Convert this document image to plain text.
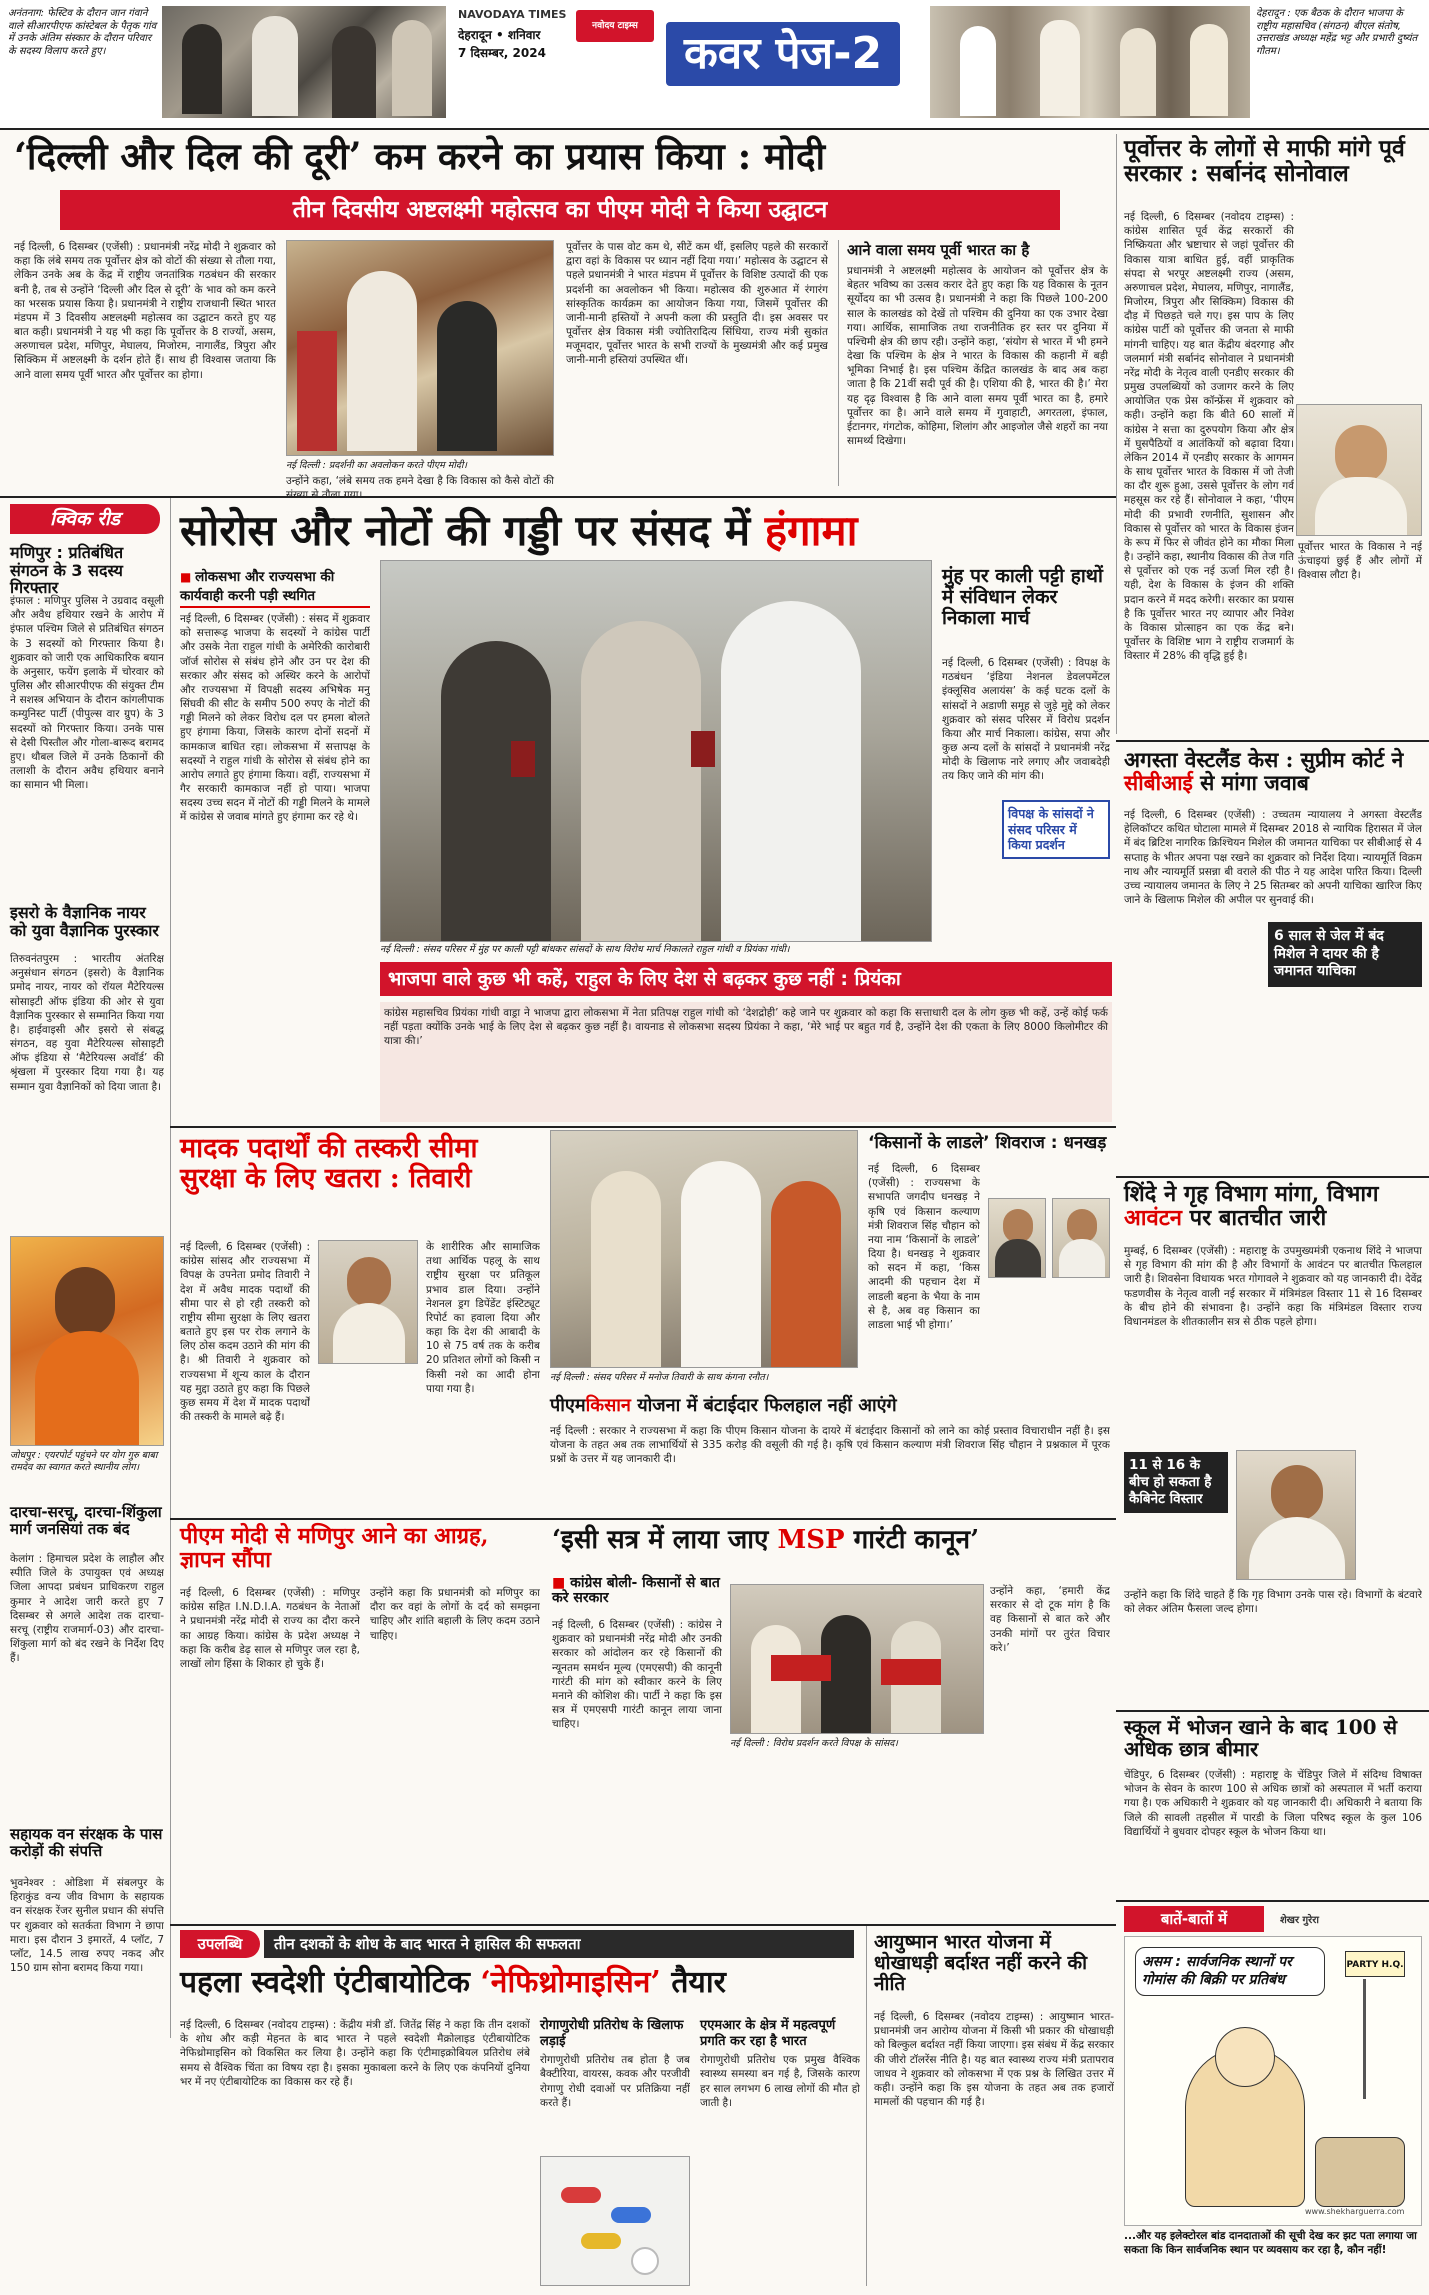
अनंतनाग: फेस्टिव के दौरान जान गंवाने वाले सीआरपीएफ कांस्टेबल के पैतृक गांव में उनके अंतिम संस्कार के दौरान परिवार के सदस्य विलाप करते हुए।
NAVODAYA TIMES
देहरादून • शनिवार
7 दिसम्बर, 2024
नवोदय टाइम्स
कवर पेज-2
देहरादून : एक बैठक के दौरान भाजपा के राष्ट्रीय महासचिव (संगठन) बीएल संतोष, उत्तराखंड अध्यक्ष महेंद्र भट्ट और प्रभारी दुष्यंत गौतम।
‘दिल्ली और दिल की दूरी’ कम करने का प्रयास किया : मोदी
तीन दिवसीय अष्टलक्ष्मी महोत्सव का पीएम मोदी ने किया उद्घाटन
नई दिल्ली, 6 दिसम्बर (एजेंसी) : प्रधानमंत्री नरेंद्र मोदी ने शुक्रवार को कहा कि लंबे समय तक पूर्वोत्तर क्षेत्र को वोटों की संख्या से तौला गया, लेकिन उनके अब के केंद्र में राष्ट्रीय जनतांत्रिक गठबंधन की सरकार बनी है, तब से उन्होंने ‘दिल्ली और दिल से दूरी’ के भाव को कम करने का भरसक प्रयास किया है। प्रधानमंत्री ने राष्ट्रीय राजधानी स्थित भारत मंडपम में 3 दिवसीय अष्टलक्ष्मी महोत्सव का उद्घाटन करते हुए यह बात कही। प्रधानमंत्री ने यह भी कहा कि पूर्वोत्तर के 8 राज्यों, असम, अरुणाचल प्रदेश, मणिपुर, मेघालय, मिजोरम, नागालैंड, त्रिपुरा और सिक्किम में अष्टलक्ष्मी के दर्शन होते हैं। साथ ही विश्वास जताया कि आने वाला समय पूर्वी भारत और पूर्वोत्तर का होगा।
नई दिल्ली : प्रदर्शनी का अवलोकन करते पीएम मोदी।
उन्होंने कहा, ‘लंबे समय तक हमने देखा है कि विकास को कैसे वोटों की
पूर्वोत्तर के पास वोट कम थे, सीटें कम थीं, इसलिए पहले की सरकारों द्वारा वहां के विकास पर ध्यान नहीं दिया गया।’ महोत्सव के उद्घाटन से पहले प्रधानमंत्री ने भारत मंडपम में पूर्वोत्तर के विशिष्ट उत्पादों की एक प्रदर्शनी का अवलोकन भी किया। महोत्सव की शुरुआत में रंगारंग सांस्कृतिक कार्यक्रम का आयोजन किया गया, जिसमें पूर्वोत्तर की जानी-मानी हस्तियों ने अपनी कला की प्रस्तुति दी। इस अवसर पर पूर्वोत्तर क्षेत्र विकास मंत्री ज्योतिरादित्य सिंधिया, राज्य मंत्री सुकांत मजूमदार, पूर्वोत्तर भारत के सभी राज्यों के मुख्यमंत्री और कई प्रमुख जानी-मानी हस्तियां उपस्थित थीं।
आने वाला समय पूर्वी भारत का है
प्रधानमंत्री ने अष्टलक्ष्मी महोत्सव के आयोजन को पूर्वोत्तर क्षेत्र के बेहतर भविष्य का उत्सव करार देते हुए कहा कि यह विकास के नूतन सूर्योदय का भी उत्सव है। प्रधानमंत्री ने कहा कि पिछले 100-200 साल के कालखंड को देखें तो पश्चिम की दुनिया का एक उभार देखा गया। आर्थिक, सामाजिक तथा राजनीतिक हर स्तर पर दुनिया में पश्चिमी क्षेत्र की छाप रही। उन्होंने कहा, ‘संयोग से भारत में भी हमने देखा कि पश्चिम के क्षेत्र ने भारत के विकास की कहानी में बड़ी भूमिका निभाई है। इस पश्चिम केंद्रित कालखंड के बाद अब कहा जाता है कि 21वीं सदी पूर्व की है। एशिया की है, भारत की है।’ मेरा यह दृढ़ विश्वास है कि आने वाला समय पूर्वी भारत का है, हमारे पूर्वोत्तर का है। आने वाले समय में गुवाहाटी, अगरतला, इंफाल, ईटानगर, गंगटोक, कोहिमा, शिलांग और आइजोल जैसे शहरों का नया सामर्थ्य दिखेगा।
पूर्वोत्तर के लोगों से माफी मांगे पूर्व सरकार : सर्बानंद सोनोवाल
नई दिल्ली, 6 दिसम्बर (नवोदय टाइम्स) : कांग्रेस शासित पूर्व केंद्र सरकारों की निष्क्रियता और भ्रष्टाचार से जहां पूर्वोत्तर की विकास यात्रा बाधित हुई, वहीं प्राकृतिक संपदा से भरपूर अष्टलक्ष्मी राज्य (असम, अरुणाचल प्रदेश, मेघालय, मणिपुर, नागालैंड, मिजोरम, त्रिपुरा और सिक्किम) विकास की दौड़ में पिछड़ते चले गए। इस पाप के लिए कांग्रेस पार्टी को पूर्वोत्तर की जनता से माफी मांगनी चाहिए। यह बात केंद्रीय बंदरगाह और जलमार्ग मंत्री सर्बानंद सोनोवाल ने प्रधानमंत्री नरेंद्र मोदी के नेतृत्व वाली एनडीए सरकार की प्रमुख उपलब्धियों को उजागर करने के लिए आयोजित एक प्रेस कॉन्फ्रेंस में शुक्रवार को कही। उन्होंने कहा कि बीते 60 सालों में कांग्रेस ने सत्ता का दुरुपयोग किया और क्षेत्र में घुसपैठियों व आतंकियों को बढ़ावा दिया। लेकिन 2014 में एनडीए सरकार के आगमन के साथ पूर्वोत्तर भारत के विकास में जो तेजी का दौर शुरू हुआ, उससे पूर्वोत्तर के लोग गर्व महसूस कर रहे हैं। सोनोवाल ने कहा, ‘पीएम मोदी की प्रभावी रणनीति, सुशासन और विकास से पूर्वोत्तर को भारत के विकास इंजन के रूप में फिर से जीवंत होने का मौका मिला है। उन्होंने कहा, स्थानीय विकास की तेज गति से पूर्वोत्तर को एक नई ऊर्जा मिल रही है। यही, देश के विकास के इंजन की शक्ति प्रदान करने में मदद करेगी। सरकार का प्रयास है कि पूर्वोत्तर भारत नए व्यापार और निवेश के विकास प्रोत्साहन का एक केंद्र बने। पूर्वोत्तर के विशिष्ट भाग ने राष्ट्रीय राजमार्ग के विस्तार में 28% की वृद्धि हुई है।
पूर्वोत्तर भारत के विकास ने नई ऊंचाइयां छुई हैं और लोगों में विश्वास लौटा है।
क्विक रीड
मणिपुर : प्रतिबंधित संगठन के 3 सदस्य गिरफ्तार
इंफाल : मणिपुर पुलिस ने उग्रवाद वसूली और अवैध हथियार रखने के आरोप में इंफाल पश्चिम जिले से प्रतिबंधित संगठन के 3 सदस्यों को गिरफ्तार किया है। शुक्रवार को जारी एक आधिकारिक बयान के अनुसार, फयेंग इलाके में चोरवार को पुलिस और सीआरपीएफ की संयुक्त टीम ने सशस्त्र अभियान के दौरान कांगलीपाक कम्युनिस्ट पार्टी (पीपुल्स वार ग्रुप) के 3 सदस्यों को गिरफ्तार किया। उनके पास से देसी पिस्तौल और गोला-बारूद बरामद हुए। थौबल जिले में उनके ठिकानों की तलाशी के दौरान अवैध हथियार बनाने का सामान भी मिला।
इसरो के वैज्ञानिक नायर को युवा वैज्ञानिक पुरस्कार
तिरुवनंतपुरम : भारतीय अंतरिक्ष अनुसंधान संगठन (इसरो) के वैज्ञानिक प्रमोद नायर, नायर को रॉयल मैटेरियल्स सोसाइटी ऑफ इंडिया की ओर से युवा वैज्ञानिक पुरस्कार से सम्मानित किया गया है। हाईवाइसी और इसरो से संबद्ध संगठन, वह युवा मैटेरियल्स सोसाइटी ऑफ इंडिया से ‘मैटेरियल्स अवॉर्ड’ की श्रृंखला में पुरस्कार दिया गया है। यह सम्मान युवा वैज्ञानिकों को दिया जाता है।
जोधपुर : एयरपोर्ट पहुंचने पर योग गुरु बाबा रामदेव का स्वागत करते स्थानीय लोग।
दारचा-सरचू, दारचा-शिंकुला मार्ग जनसियां तक बंद
केलांग : हिमाचल प्रदेश के लाहौल और स्पीति जिले के उपायुक्त एवं अध्यक्ष जिला आपदा प्रबंधन प्राधिकरण राहुल कुमार ने आदेश जारी करते हुए 7 दिसम्बर से अगले आदेश तक दारचा-सरचू (राष्ट्रीय राजमार्ग-03) और दारचा-शिंकुला मार्ग को बंद रखने के निर्देश दिए हैं।
सहायक वन संरक्षक के पास करोड़ों की संपत्ति
भुवनेश्वर : ओडिशा में संबलपुर के हिराकुंड वन्य जीव विभाग के सहायक वन संरक्षक रेंजर सुनील प्रधान की संपत्ति पर शुक्रवार को सतर्कता विभाग ने छापा मारा। इस दौरान 3 इमारतें, 4 प्लॉट, 7 प्लॉट, 14.5 लाख रुपए नकद और 150 ग्राम सोना बरामद किया गया।
सोरोस और नोटों की गड्डी पर संसद में हंगामा
■ लोकसभा और राज्यसभा की कार्यवाही करनी पड़ी स्थगित
नई दिल्ली, 6 दिसम्बर (एजेंसी) : संसद में शुक्रवार को सत्तारूढ़ भाजपा के सदस्यों ने कांग्रेस पार्टी और उसके नेता राहुल गांधी के अमेरिकी कारोबारी जॉर्ज सोरोस से संबंध होने और उन पर देश की सरकार और संसद को अस्थिर करने के आरोपों और राज्यसभा में विपक्षी सदस्य अभिषेक मनु सिंघवी की सीट के समीप 500 रुपए के नोटों की गड्डी मिलने को लेकर विरोध दल पर हमला बोलते हुए हंगामा किया, जिसके कारण दोनों सदनों में कामकाज बाधित रहा। लोकसभा में सत्तापक्ष के सदस्यों ने राहुल गांधी के सोरोस से संबंध होने का आरोप लगाते हुए हंगामा किया। वहीं, राज्यसभा में गैर सरकारी कामकाज नहीं हो पाया। भाजपा सदस्य उच्च सदन में नोटों की गड्डी मिलने के मामले में कांग्रेस से जवाब मांगते हुए हंगामा कर रहे थे।
नई दिल्ली : संसद परिसर में मुंह पर काली पट्टी बांधकर सांसदों के साथ विरोध मार्च निकालते राहुल गांधी व प्रियंका गांधी।
मुंह पर काली पट्टी हाथों में संविधान लेकर निकाला मार्च
नई दिल्ली, 6 दिसम्बर (एजेंसी) : विपक्ष के गठबंधन ‘इंडिया नेशनल डेवलपमेंटल इंक्लूसिव अलायंस’ के कई घटक दलों के सांसदों ने अडाणी समूह से जुड़े मुद्दे को लेकर शुक्रवार को संसद परिसर में विरोध प्रदर्शन किया और मार्च निकाला। कांग्रेस, सपा और कुछ अन्य दलों के सांसदों ने प्रधानमंत्री नरेंद्र मोदी के खिलाफ नारे लगाए और जवाबदेही तय किए जाने की मांग की।
विपक्ष के सांसदों ने संसद परिसर में किया प्रदर्शन
भाजपा वाले कुछ भी कहें, राहुल के लिए देश से बढ़कर कुछ नहीं : प्रियंका
कांग्रेस महासचिव प्रियंका गांधी वाड्रा ने भाजपा द्वारा लोकसभा में नेता प्रतिपक्ष राहुल गांधी को ‘देशद्रोही’ कहे जाने पर शुक्रवार को कहा कि सत्ताधारी दल के लोग कुछ भी कहें, उन्हें कोई फर्क नहीं पड़ता क्योंकि उनके भाई के लिए देश से बढ़कर कुछ नहीं है। वायनाड से लोकसभा सदस्य प्रियंका ने कहा, ‘मेरे भाई पर बहुत गर्व है, उन्होंने देश की एकता के लिए 8000 किलोमीटर की यात्रा की।’
अगस्ता वेस्टलैंड केस : सुप्रीम कोर्ट ने सीबीआई से मांगा जवाब
नई दिल्ली, 6 दिसम्बर (एजेंसी) : उच्चतम न्यायालय ने अगस्ता वेस्टलैंड हेलिकॉप्टर कथित घोटाला मामले में दिसम्बर 2018 से न्यायिक हिरासत में जेल में बंद ब्रिटिश नागरिक क्रिश्चियन मिशेल की जमानत याचिका पर सीबीआई से 4 सप्ताह के भीतर अपना पक्ष रखने का शुक्रवार को निर्देश दिया। न्यायमूर्ति विक्रम नाथ और न्यायमूर्ति प्रसन्ना बी वराले की पीठ ने यह आदेश पारित किया। दिल्ली उच्च न्यायालय जमानत के लिए ने 25 सितम्बर को अपनी याचिका खारिज किए जाने के खिलाफ मिशेल की अपील पर सुनवाई की।
6 साल से जेल में बंद मिशेल ने दायर की है जमानत याचिका
मादक पदार्थों की तस्करी सीमा सुरक्षा के लिए खतरा : तिवारी
नई दिल्ली, 6 दिसम्बर (एजेंसी) : कांग्रेस सांसद और राज्यसभा में विपक्ष के उपनेता प्रमोद तिवारी ने देश में अवैध मादक पदार्थों की सीमा पार से हो रही तस्करी को राष्ट्रीय सीमा सुरक्षा के लिए खतरा बताते हुए इस पर रोक लगाने के लिए ठोस कदम उठाने की मांग की है। श्री तिवारी ने शुक्रवार को राज्यसभा में शून्य काल के दौरान यह मुद्दा उठाते हुए कहा कि पिछले कुछ समय में देश में मादक पदार्थों की तस्करी के मामले बढ़े हैं।
के शारीरिक और सामाजिक तथा आर्थिक पहलू के साथ राष्ट्रीय सुरक्षा पर प्रतिकूल प्रभाव डाल दिया। उन्होंने नेशनल ड्रग डिपेंडेंट इंस्टिट्यूट रिपोर्ट का हवाला दिया और कहा कि देश की आबादी के 10 से 75 वर्ष तक के करीब 20 प्रतिशत लोगों को किसी न किसी नशे का आदी होना पाया गया है।
नई दिल्ली : संसद परिसर में मनोज तिवारी के साथ कंगना रनौत।
‘किसानों के लाडले’ शिवराज : धनखड़
नई दिल्ली, 6 दिसम्बर (एजेंसी) : राज्यसभा के सभापति जगदीप धनखड़ ने कृषि एवं किसान कल्याण मंत्री शिवराज सिंह चौहान को नया नाम ‘किसानों के लाडले’ दिया है। धनखड़ ने शुक्रवार को सदन में कहा, ‘किस आदमी की पहचान देश में लाडली बहना के भैया के नाम से है, अब वह किसान का लाडला भाई भी होगा।’
पीएमकिसान योजना में बंटाईदार फिलहाल नहीं आएंगे
नई दिल्ली : सरकार ने राज्यसभा में कहा कि पीएम किसान योजना के दायरे में बंटाईदार किसानों को लाने का कोई प्रस्ताव विचाराधीन नहीं है। इस योजना के तहत अब तक लाभार्थियों से 335 करोड़ की वसूली की गई है। कृषि एवं किसान कल्याण मंत्री शिवराज सिंह चौहान ने प्रश्नकाल में पूरक प्रश्नों के उत्तर में यह जानकारी दी।
शिंदे ने गृह विभाग मांगा, विभाग आवंटन पर बातचीत जारी
मुम्बई, 6 दिसम्बर (एजेंसी) : महाराष्ट्र के उपमुख्यमंत्री एकनाथ शिंदे ने भाजपा से गृह विभाग की मांग की है और विभागों के आवंटन पर बातचीत फिलहाल जारी है। शिवसेना विधायक भरत गोगावले ने शुक्रवार को यह जानकारी दी। देवेंद्र फडणवीस के नेतृत्व वाली नई सरकार में मंत्रिमंडल विस्तार 11 से 16 दिसम्बर के बीच होने की संभावना है। उन्होंने कहा कि मंत्रिमंडल विस्तार राज्य विधानमंडल के शीतकालीन सत्र से ठीक पहले होगा।
11 से 16 के बीच हो सकता है कैबिनेट विस्तार
उन्होंने कहा कि शिंदे चाहते हैं कि गृह विभाग उनके पास रहे। विभागों के बंटवारे को लेकर अंतिम फैसला जल्द होगा।
पीएम मोदी से मणिपुर आने का आग्रह, ज्ञापन सौंपा
नई दिल्ली, 6 दिसम्बर (एजेंसी) : मणिपुर कांग्रेस सहित I.N.D.I.A. गठबंधन के नेताओं ने प्रधानमंत्री नरेंद्र मोदी से राज्य का दौरा करने का आग्रह किया। कांग्रेस के प्रदेश अध्यक्ष ने कहा कि करीब डेढ़ साल से मणिपुर जल रहा है, लाखों लोग हिंसा के शिकार हो चुके हैं।
उन्होंने कहा कि प्रधानमंत्री को मणिपुर का दौरा कर वहां के लोगों के दर्द को समझना चाहिए और शांति बहाली के लिए कदम उठाने चाहिए।
‘इसी सत्र में लाया जाए MSP गारंटी कानून’
■ कांग्रेस बोली- किसानों से बात करे सरकार
नई दिल्ली, 6 दिसम्बर (एजेंसी) : कांग्रेस ने शुक्रवार को प्रधानमंत्री नरेंद्र मोदी और उनकी सरकार को आंदोलन कर रहे किसानों की न्यूनतम समर्थन मूल्य (एमएसपी) की कानूनी गारंटी की मांग को स्वीकार करने के लिए मनाने की कोशिश की। पार्टी ने कहा कि इस सत्र में एमएसपी गारंटी कानून लाया जाना चाहिए।
नई दिल्ली : विरोध प्रदर्शन करते विपक्ष के सांसद।
उन्होंने कहा, ‘हमारी केंद्र सरकार से दो टूक मांग है कि वह किसानों से बात करे और उनकी मांगों पर तुरंत विचार करे।’
स्कूल में भोजन खाने के बाद 100 से अधिक छात्र बीमार
चेंडिपुर, 6 दिसम्बर (एजेंसी) : महाराष्ट्र के चेंडिपुर जिले में संदिग्ध विषाक्त भोजन के सेवन के कारण 100 से अधिक छात्रों को अस्पताल में भर्ती कराया गया है। एक अधिकारी ने शुक्रवार को यह जानकारी दी। अधिकारी ने बताया कि जिले की सावली तहसील में पारडी के जिला परिषद स्कूल के कुल 106 विद्यार्थियों ने बुधवार दोपहर स्कूल के भोजन किया था।
बातें-बातों में	शेखर गुरेरा
असम : सार्वजनिक स्थानों पर गोमांस की बिक्री पर प्रतिबंध
PARTY H.Q.
www.shekharguerra.com
...और यह इलेक्टोरल बांड दानदाताओं की सूची देख कर झट पता लगाया जा सकता कि किन सार्वजनिक स्थान पर व्यवसाय कर रहा है, कौन नहीं!
उपलब्धि	तीन दशकों के शोध के बाद भारत ने हासिल की सफलता
पहला स्वदेशी एंटीबायोटिक ‘नेफिथ्रोमाइसिन’ तैयार
नई दिल्ली, 6 दिसम्बर (नवोदय टाइम्स) : केंद्रीय मंत्री डॉ. जितेंद्र सिंह ने कहा कि तीन दशकों के शोध और कड़ी मेहनत के बाद भारत ने पहले स्वदेशी मैक्रोलाइड एंटीबायोटिक नेफिथ्रोमाइसिन को विकसित कर लिया है। उन्होंने कहा कि एंटीमाइक्रोबियल प्रतिरोध लंबे समय से वैश्विक चिंता का विषय रहा है। इसका मुकाबला करने के लिए एक कंपनियों दुनिया भर में नए एंटीबायोटिक का विकास कर रहे हैं।
रोगाणुरोधी प्रतिरोध के खिलाफ लड़ाई
रोगाणुरोधी प्रतिरोध तब होता है जब बैक्टीरिया, वायरस, कवक और परजीवी रोगाणु रोधी दवाओं पर प्रतिक्रिया नहीं करते हैं।
एएमआर के क्षेत्र में महत्वपूर्ण प्रगति कर रहा है भारत
रोगाणुरोधी प्रतिरोध एक प्रमुख वैश्विक स्वास्थ्य समस्या बन गई है, जिसके कारण हर साल लगभग 6 लाख लोगों की मौत हो जाती है।
आयुष्मान भारत योजना में धोखाधड़ी बर्दाश्त नहीं करने की नीति
नई दिल्ली, 6 दिसम्बर (नवोदय टाइम्स) : आयुष्मान भारत-प्रधानमंत्री जन आरोग्य योजना में किसी भी प्रकार की धोखाधड़ी को बिल्कुल बर्दाश्त नहीं किया जाएगा। इस संबंध में केंद्र सरकार की जीरो टॉलरेंस नीति है। यह बात स्वास्थ्य राज्य मंत्री प्रतापराव जाधव ने शुक्रवार को लोकसभा में एक प्रश्न के लिखित उत्तर में कही। उन्होंने कहा कि इस योजना के तहत अब तक हजारों मामलों की पहचान की गई है।
